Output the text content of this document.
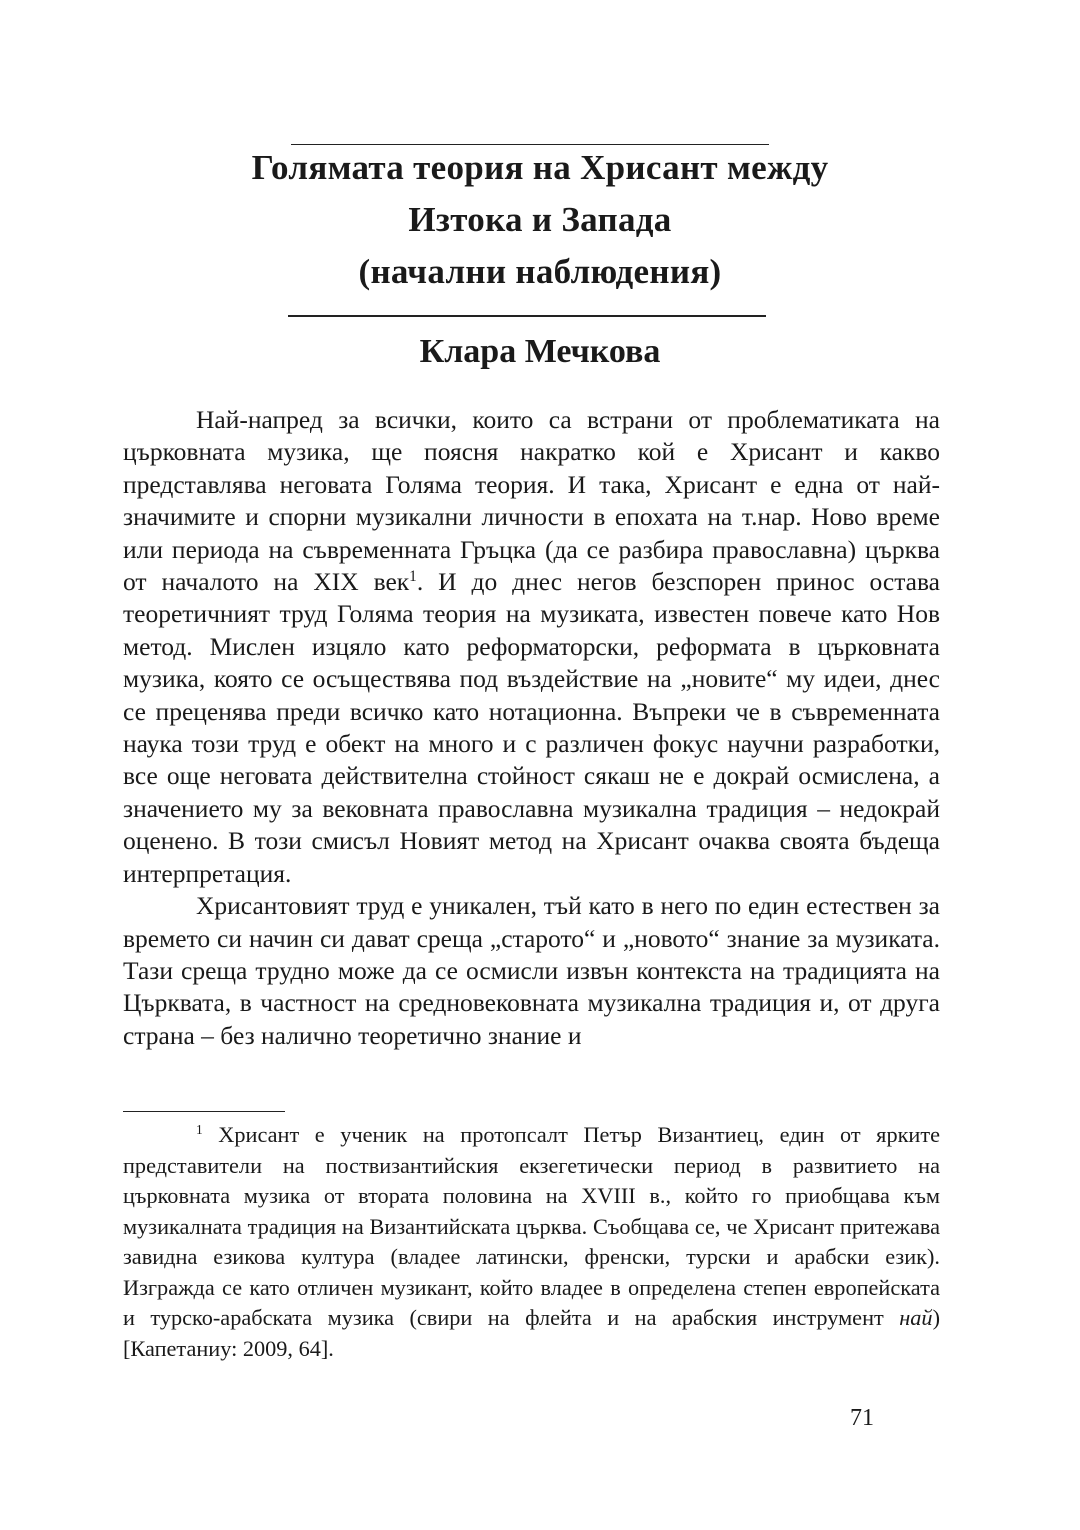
Голямата теория на Хрисант между
Изтока и Запада
(начални наблюдения)
Клара Мечкова

Най-напред за всички, които са встрани от проблематиката на църковната музика, ще поясня накратко кой е Хрисант и какво представлява неговата Голяма теория. И така, Хрисант е една от най-значимите и спорни музикални личности в епохата на т.нар. Ново време или периода на съвременната Гръцка (да се разбира православна) църква от началото на XIX век$^1$. И до днес негов безспорен принос остава теоретичният труд Голяма теория на музиката, известен повече като Нов метод. Мислен изцяло като реформаторски, реформата в църковната музика, която се осъществява под въздействие на „новите“ му идеи, днес се преценява преди всичко като нотационна. Въпреки че в съвременната наука този труд е обект на много и с различен фокус научни разработки, все още неговата действителна стойност сякаш не е докрай осмислена, а значението му за вековната православна музикална традиция – недокрай оценено. В този смисъл Новият метод на Хрисант очаква своята бъдеща интерпретация.

Хрисантовият труд е уникален, тъй като в него по един естествен за времето си начин си дават среща „старото“ и „новото“ знание за музиката. Тази среща трудно може да се осмисли извън контекста на традицията на Църквата, в частност на средновековната музикална традиция и, от друга страна – без налично теоретично знание и

$^1$ Хрисант е ученик на протопсалт Петър Византиец, един от ярките представители на поствизантийския екзегетически период в развитието на църковната музика от втората половина на XVIII в., който го приобщава към музикалната традиция на Византийската църква. Съобщава се, че Хрисант притежава завидна езикова култура (владее латински, френски, турски и арабски език). Изгражда се като отличен музикант, който владее в определена степен европейската и турско-арабската музика (свири на флейта и на арабския инструмент най) [Капетаниу: 2009, 64].

71
